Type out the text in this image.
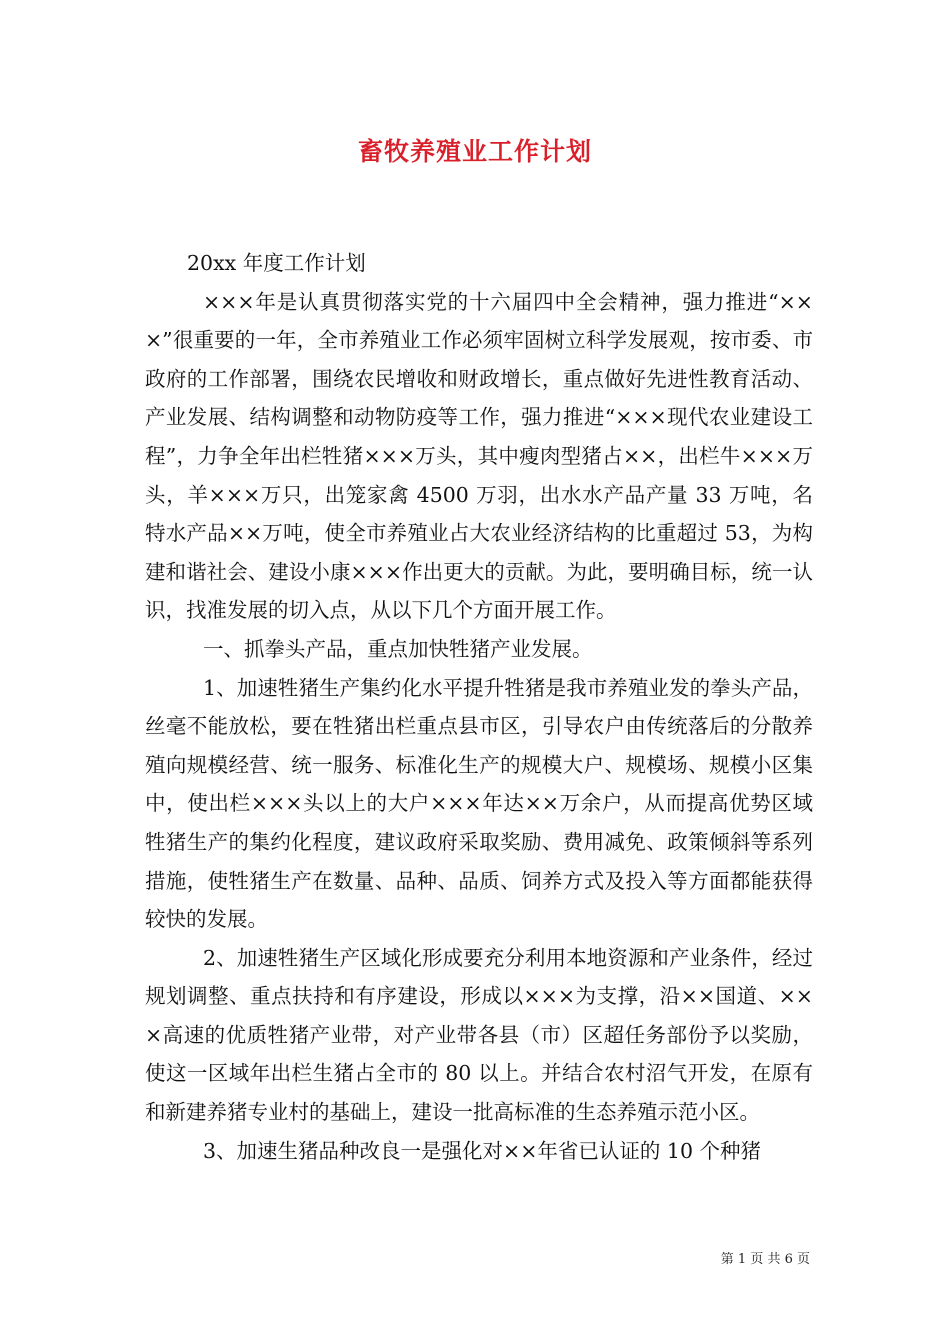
畜牧养殖业工作计划

20xx 年度工作计划

×××年是认真贯彻落实党的十六届四中全会精神，强力推进“×××”很重要的一年，全市养殖业工作必须牢固树立科学发展观，按市委、市政府的工作部署，围绕农民增收和财政增长，重点做好先进性教育活动、产业发展、结构调整和动物防疫等工作，强力推进“×××现代农业建设工程”，力争全年出栏牲猪×××万头，其中瘦肉型猪占××，出栏牛×××万头，羊×××万只，出笼家禽 4500 万羽，出水水产品产量 33 万吨，名特水产品××万吨，使全市养殖业占大农业经济结构的比重超过 53，为构建和谐社会、建设小康×××作出更大的贡献。为此，要明确目标，统一认识，找准发展的切入点，从以下几个方面开展工作。

一、抓拳头产品，重点加快牲猪产业发展。

1、加速牲猪生产集约化水平提升牲猪是我市养殖业发的拳头产品，丝毫不能放松，要在牲猪出栏重点县市区，引导农户由传统落后的分散养殖向规模经营、统一服务、标准化生产的规模大户、规模场、规模小区集中，使出栏×××头以上的大户×××年达××万余户，从而提高优势区域牲猪生产的集约化程度，建议政府采取奖励、费用减免、政策倾斜等系列措施，使牲猪生产在数量、品种、品质、饲养方式及投入等方面都能获得较快的发展。

2、加速牲猪生产区域化形成要充分利用本地资源和产业条件，经过规划调整、重点扶持和有序建设，形成以×××为支撑，沿××国道、×××高速的优质牲猪产业带，对产业带各县（市）区超任务部份予以奖励，使这一区域年出栏生猪占全市的 80 以上。并结合农村沼气开发，在原有和新建养猪专业村的基础上，建设一批高标准的生态养殖示范小区。

3、加速生猪品种改良一是强化对××年省已认证的 10 个种猪

第 1 页 共 6 页
